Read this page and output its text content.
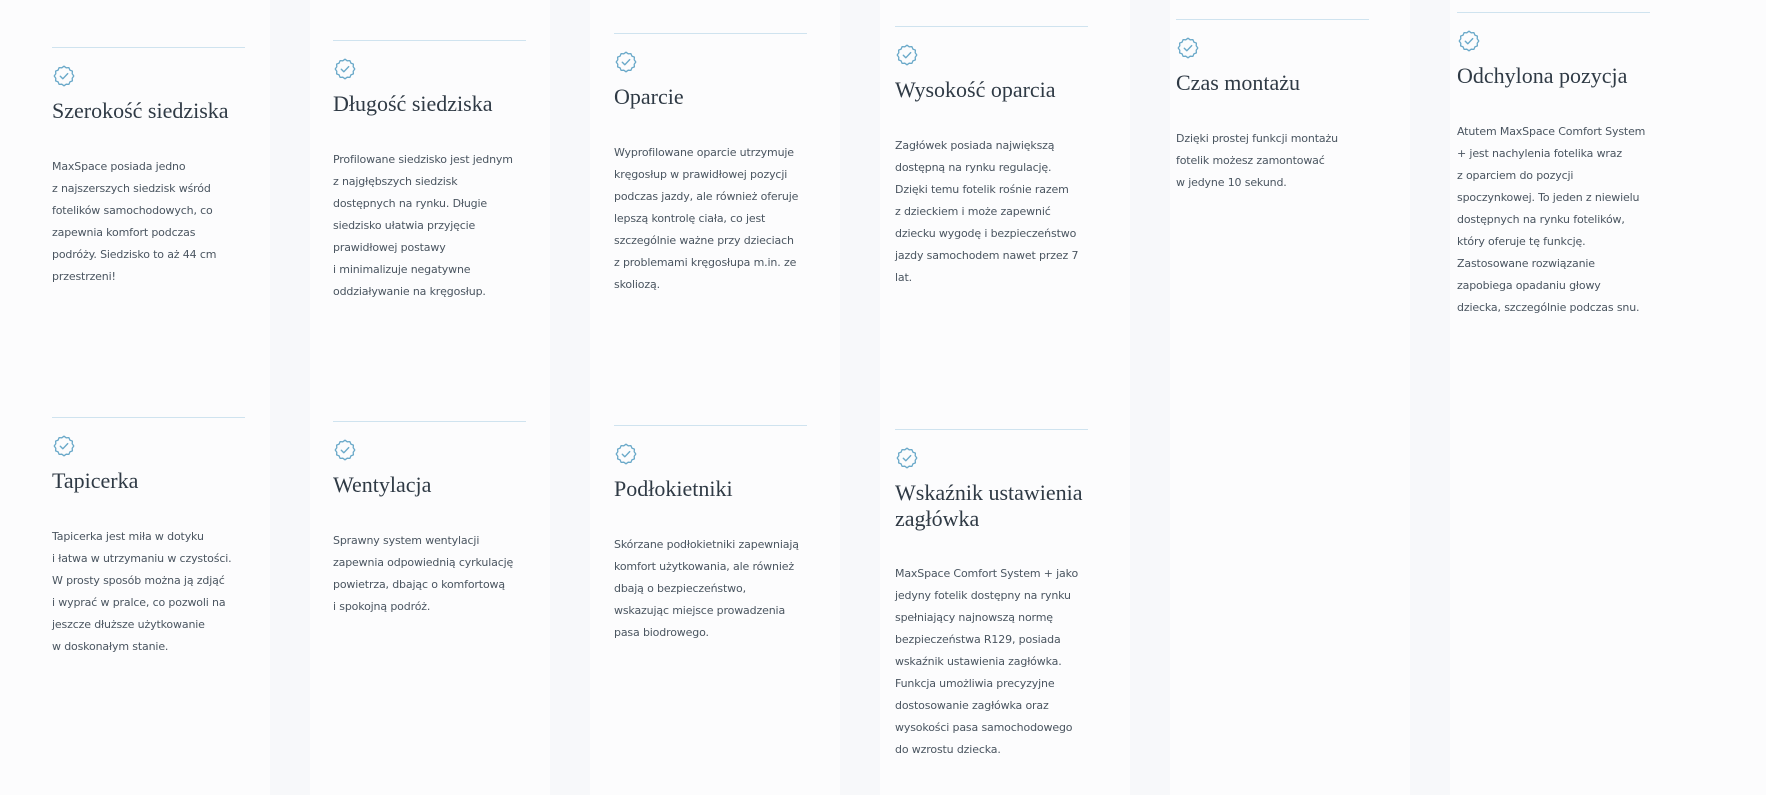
Szerokość siedziska

MaxSpace posiada jedno
z najszerszych siedzisk wśród
fotelików samochodowych, co
zapewnia komfort podczas
podróży. Siedzisko to aż 44 cm
przestrzeni!

Długość siedziska

Profilowane siedzisko jest jednym
z najgłębszych siedzisk
dostępnych na rynku. Długie
siedzisko ułatwia przyjęcie
prawidłowej postawy
i minimalizuje negatywne
oddziaływanie na kręgosłup.

Oparcie

Wyprofilowane oparcie utrzymuje
kręgosłup w prawidłowej pozycji
podczas jazdy, ale również oferuje
lepszą kontrolę ciała, co jest
szczególnie ważne przy dzieciach
z problemami kręgosłupa m.in. ze
skoliozą.

Wysokość oparcia

Zagłówek posiada największą
dostępną na rynku regulację.
Dzięki temu fotelik rośnie razem
z dzieckiem i może zapewnić
dziecku wygodę i bezpieczeństwo
jazdy samochodem nawet przez 7
lat.

Czas montażu

Dzięki prostej funkcji montażu
fotelik możesz zamontować
w jedyne 10 sekund.

Odchylona pozycja

Atutem MaxSpace Comfort System
+ jest nachylenia fotelika wraz
z oparciem do pozycji
spoczynkowej. To jeden z niewielu
dostępnych na rynku fotelików,
który oferuje tę funkcję.
Zastosowane rozwiązanie
zapobiega opadaniu głowy
dziecka, szczególnie podczas snu.

Tapicerka

Tapicerka jest miła w dotyku
i łatwa w utrzymaniu w czystości.
W prosty sposób można ją zdjąć
i wyprać w pralce, co pozwoli na
jeszcze dłuższe użytkowanie
w doskonałym stanie.

Wentylacja

Sprawny system wentylacji
zapewnia odpowiednią cyrkulację
powietrza, dbając o komfortową
i spokojną podróż.

Podłokietniki

Skórzane podłokietniki zapewniają
komfort użytkowania, ale również
dbają o bezpieczeństwo,
wskazując miejsce prowadzenia
pasa biodrowego.

Wskaźnik ustawienia
zagłówka

MaxSpace Comfort System + jako
jedyny fotelik dostępny na rynku
spełniający najnowszą normę
bezpieczeństwa R129, posiada
wskaźnik ustawienia zagłówka.
Funkcja umożliwia precyzyjne
dostosowanie zagłówka oraz
wysokości pasa samochodowego
do wzrostu dziecka.
